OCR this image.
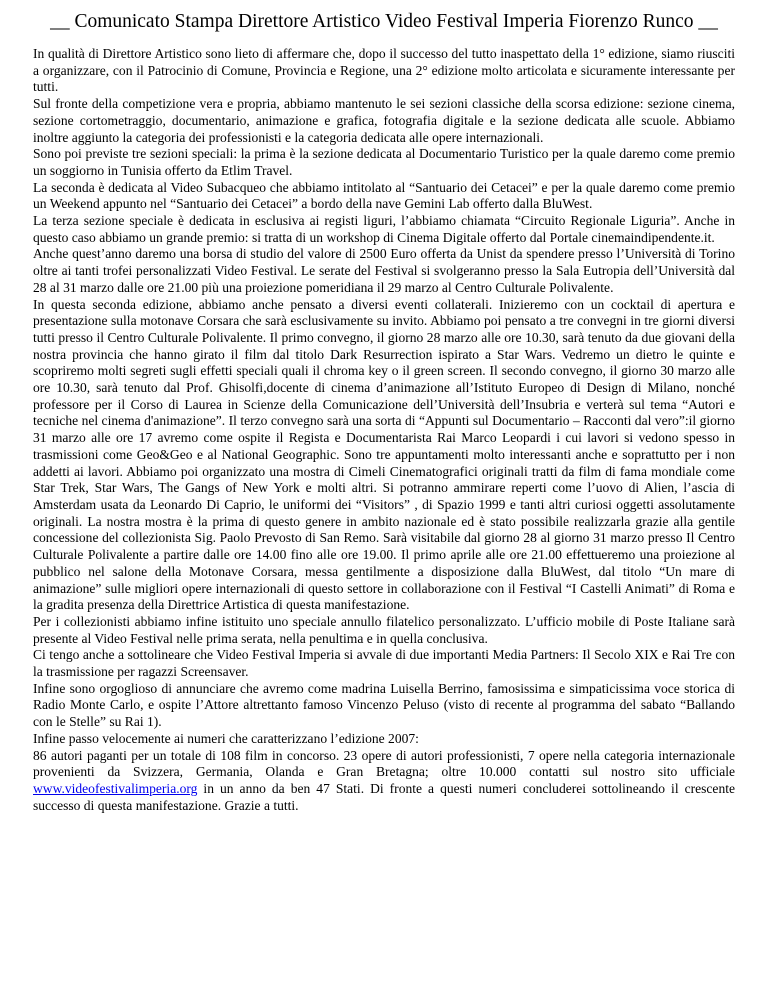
__ Comunicato Stampa Direttore Artistico Video Festival Imperia Fiorenzo Runco __

In qualità di Direttore Artistico sono lieto di affermare che, dopo il successo del tutto inaspettato della 1° edizione, siamo riusciti a organizzare, con il Patrocinio di Comune, Provincia e Regione, una 2° edizione molto articolata e sicuramente interessante per tutti.

Sul fronte della competizione vera e propria, abbiamo mantenuto le sei sezioni classiche della scorsa edizione: sezione cinema, sezione cortometraggio, documentario, animazione e grafica, fotografia digitale e la sezione dedicata alle scuole. Abbiamo inoltre aggiunto la categoria dei professionisti e la categoria dedicata alle opere internazionali.

Sono poi previste tre sezioni speciali: la prima è la sezione dedicata al Documentario Turistico per la quale daremo come premio un soggiorno in Tunisia offerto da Etlim Travel.

La seconda è dedicata al Video Subacqueo che abbiamo intitolato al “Santuario dei Cetacei” e per la quale daremo come premio un Weekend appunto nel “Santuario dei Cetacei” a bordo della nave Gemini Lab offerto dalla BluWest.

La terza sezione speciale è dedicata in esclusiva ai registi liguri, l’abbiamo chiamata “Circuito Regionale Liguria”. Anche in questo caso abbiamo un grande premio: si tratta di un workshop di Cinema Digitale offerto dal Portale cinemaindipendente.it.

Anche quest’anno daremo una borsa di studio del valore di 2500 Euro offerta da Unist da spendere presso l’Università di Torino oltre ai tanti trofei personalizzati Video Festival. Le serate del Festival si svolgeranno presso la Sala Eutropia dell’Università dal 28 al 31 marzo dalle ore 21.00 più una proiezione pomeridiana il 29 marzo al Centro Culturale Polivalente.

In questa seconda edizione, abbiamo anche pensato a diversi eventi collaterali. Inizieremo con un cocktail di apertura e presentazione sulla motonave Corsara che sarà esclusivamente su invito. Abbiamo poi pensato a tre convegni in tre giorni diversi tutti presso il Centro Culturale Polivalente. Il primo convegno, il giorno 28 marzo alle ore 10.30, sarà tenuto da due giovani della nostra provincia che hanno girato il film dal titolo Dark Resurrection ispirato a Star Wars. Vedremo un dietro le quinte e scopriremo molti segreti sugli effetti speciali quali il chroma key o il green screen. Il secondo convegno, il giorno 30 marzo alle ore 10.30, sarà tenuto dal Prof. Ghisolfi,docente di cinema d’animazione all’Istituto Europeo di Design di Milano, nonché professore per il Corso di Laurea in Scienze della Comunicazione dell’Università dell’Insubria e verterà sul tema “Autori e tecniche nel cinema d'animazione”. Il terzo convegno sarà una sorta di “Appunti sul Documentario – Racconti dal vero”:il giorno 31 marzo alle ore 17 avremo come ospite il Regista e Documentarista Rai Marco Leopardi i cui lavori si vedono spesso in trasmissioni come Geo&Geo e al National Geographic. Sono tre appuntamenti molto interessanti anche e soprattutto per i non addetti ai lavori. Abbiamo poi organizzato una mostra di Cimeli Cinematografici originali tratti da film di fama mondiale come Star Trek, Star Wars, The Gangs of New York e molti altri. Si potranno ammirare reperti come l’uovo di Alien, l’ascia di Amsterdam usata da Leonardo Di Caprio, le uniformi dei “Visitors” , di Spazio 1999 e tanti altri curiosi oggetti assolutamente originali. La nostra mostra è la prima di questo genere in ambito nazionale ed è stato possibile realizzarla grazie alla gentile concessione del collezionista Sig. Paolo Prevosto di San Remo. Sarà visitabile dal giorno 28 al giorno 31 marzo presso Il Centro Culturale Polivalente a partire dalle ore 14.00 fino alle ore 19.00. Il primo aprile alle ore 21.00 effettueremo una proiezione al pubblico nel salone della Motonave Corsara, messa gentilmente a disposizione dalla BluWest, dal titolo “Un mare di animazione” sulle migliori opere internazionali di questo settore in collaborazione con il Festival “I Castelli Animati” di Roma e la gradita presenza della Direttrice Artistica di questa manifestazione.

Per i collezionisti abbiamo infine istituito uno speciale annullo filatelico personalizzato. L’ufficio mobile di Poste Italiane sarà presente al Video Festival nelle prima serata, nella penultima e in quella conclusiva.

Ci tengo anche a sottolineare che Video Festival Imperia si avvale di due importanti Media Partners: Il Secolo XIX e Rai Tre con la trasmissione per ragazzi Screensaver.

Infine sono orgoglioso di annunciare che avremo come madrina Luisella Berrino, famosissima e simpaticissima voce storica di Radio Monte Carlo, e ospite l’Attore altrettanto famoso Vincenzo Peluso (visto di recente al programma del sabato “Ballando con le Stelle” su Rai 1).

Infine passo velocemente ai numeri che caratterizzano l’edizione 2007:

86 autori paganti per un totale di 108 film in concorso. 23 opere di autori professionisti, 7 opere nella categoria internazionale provenienti da Svizzera, Germania, Olanda e Gran Bretagna; oltre 10.000 contatti sul nostro sito ufficiale www.videofestivalimperia.org in un anno da ben 47 Stati. Di fronte a questi numeri concluderei sottolineando il crescente successo di questa manifestazione. Grazie a tutti.
